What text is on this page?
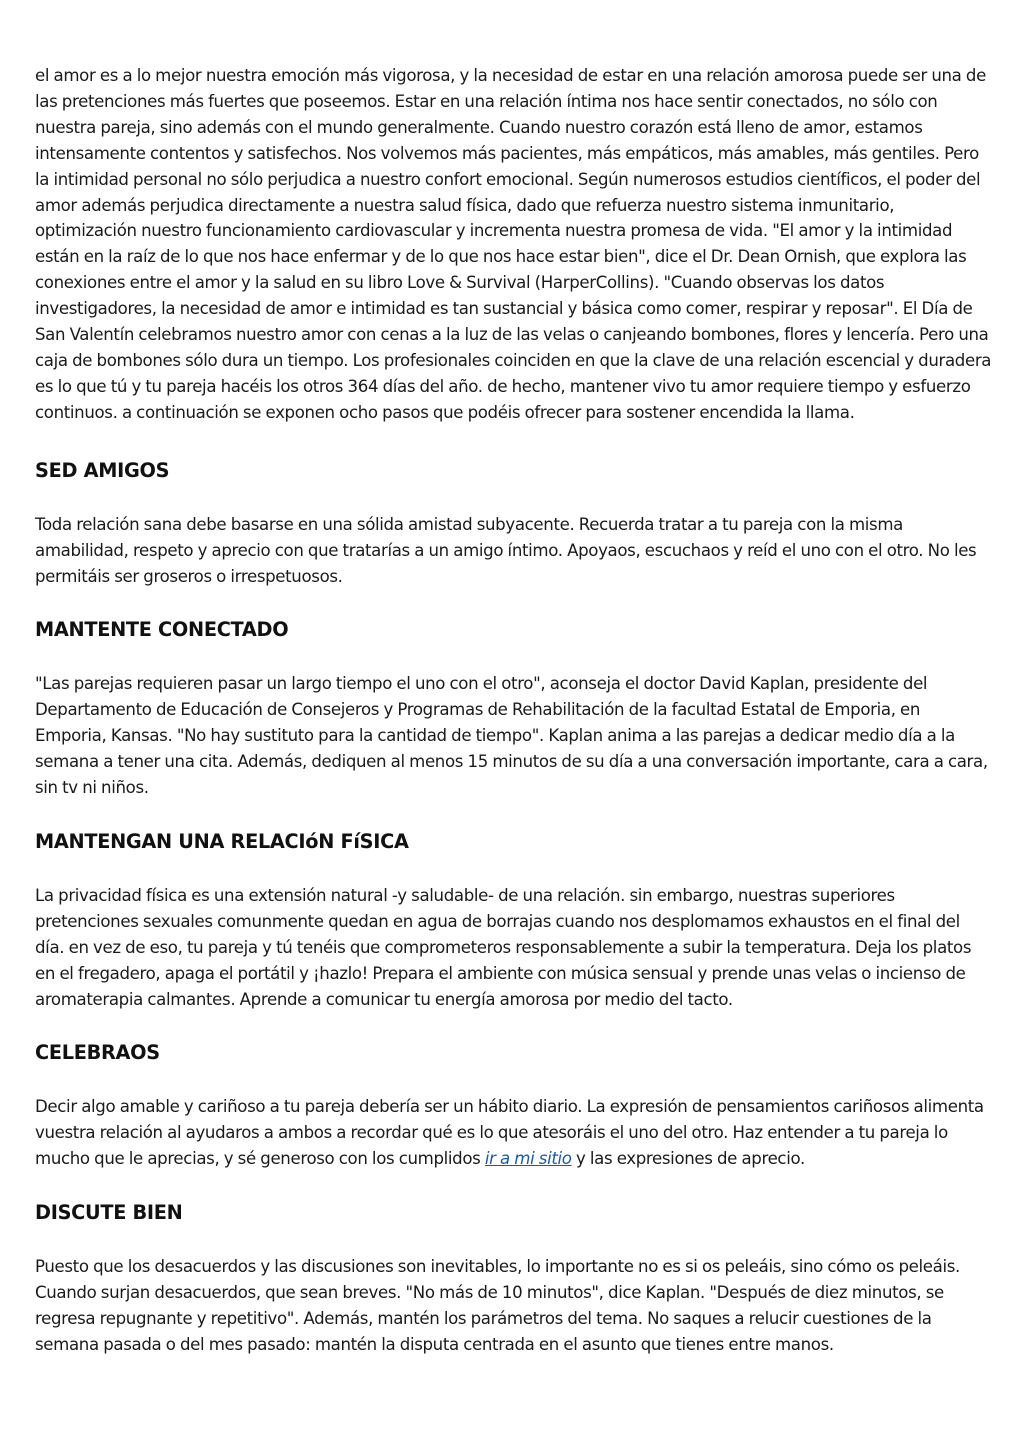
el amor es a lo mejor nuestra emoción más vigorosa, y la necesidad de estar en una relación amorosa puede ser una de las pretenciones más fuertes que poseemos. Estar en una relación íntima nos hace sentir conectados, no sólo con nuestra pareja, sino además con el mundo generalmente. Cuando nuestro corazón está lleno de amor, estamos intensamente contentos y satisfechos. Nos volvemos más pacientes, más empáticos, más amables, más gentiles. Pero la intimidad personal no sólo perjudica a nuestro confort emocional. Según numerosos estudios científicos, el poder del amor además perjudica directamente a nuestra salud física, dado que refuerza nuestro sistema inmunitario, optimización nuestro funcionamiento cardiovascular y incrementa nuestra promesa de vida. "El amor y la intimidad están en la raíz de lo que nos hace enfermar y de lo que nos hace estar bien", dice el Dr. Dean Ornish, que explora las conexiones entre el amor y la salud en su libro Love & Survival (HarperCollins). "Cuando observas los datos investigadores, la necesidad de amor e intimidad es tan sustancial y básica como comer, respirar y reposar". El Día de San Valentín celebramos nuestro amor con cenas a la luz de las velas o canjeando bombones, flores y lencería. Pero una caja de bombones sólo dura un tiempo. Los profesionales coinciden en que la clave de una relación escencial y duradera es lo que tú y tu pareja hacéis los otros 364 días del año. de hecho, mantener vivo tu amor requiere tiempo y esfuerzo continuos. a continuación se exponen ocho pasos que podéis ofrecer para sostener encendida la llama.

SED AMIGOS

Toda relación sana debe basarse en una sólida amistad subyacente. Recuerda tratar a tu pareja con la misma amabilidad, respeto y aprecio con que tratarías a un amigo íntimo. Apoyaos, escuchaos y reíd el uno con el otro. No les permitáis ser groseros o irrespetuosos.

MANTENTE CONECTADO

"Las parejas requieren pasar un largo tiempo el uno con el otro", aconseja el doctor David Kaplan, presidente del Departamento de Educación de Consejeros y Programas de Rehabilitación de la facultad Estatal de Emporia, en Emporia, Kansas. "No hay sustituto para la cantidad de tiempo". Kaplan anima a las parejas a dedicar medio día a la semana a tener una cita. Además, dediquen al menos 15 minutos de su día a una conversación importante, cara a cara, sin tv ni niños.

MANTENGAN UNA RELACIóN FíSICA

La privacidad física es una extensión natural -y saludable- de una relación. sin embargo, nuestras superiores pretenciones sexuales comunmente quedan en agua de borrajas cuando nos desplomamos exhaustos en el final del día. en vez de eso, tu pareja y tú tenéis que comprometeros responsablemente a subir la temperatura. Deja los platos en el fregadero, apaga el portátil y ¡hazlo! Prepara el ambiente con música sensual y prende unas velas o incienso de aromaterapia calmantes. Aprende a comunicar tu energía amorosa por medio del tacto.

CELEBRAOS

Decir algo amable y cariñoso a tu pareja debería ser un hábito diario. La expresión de pensamientos cariñosos alimenta vuestra relación al ayudaros a ambos a recordar qué es lo que atesoráis el uno del otro. Haz entender a tu pareja lo mucho que le aprecias, y sé generoso con los cumplidos ir a mi sitio y las expresiones de aprecio.

DISCUTE BIEN

Puesto que los desacuerdos y las discusiones son inevitables, lo importante no es si os peleáis, sino cómo os peleáis. Cuando surjan desacuerdos, que sean breves. "No más de 10 minutos", dice Kaplan. "Después de diez minutos, se regresa repugnante y repetitivo". Además, mantén los parámetros del tema. No saques a relucir cuestiones de la semana pasada o del mes pasado: mantén la disputa centrada en el asunto que tienes entre manos.
